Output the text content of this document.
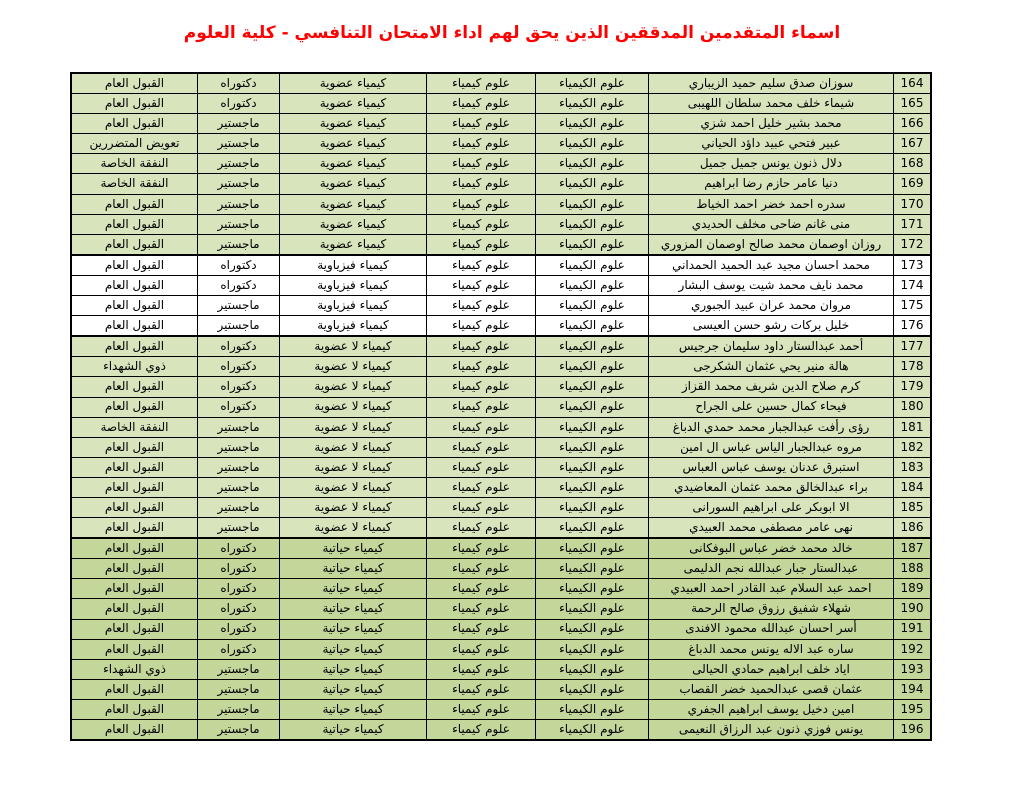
اسماء المتقدمين المدققين الذين يحق لهم اداء الامتحان التنافسي - كلية العلوم
164	سوزان صدق سليم حميد الزيباري	علوم الكيمياء	علوم كيمياء	كيمياء عضوية	دكتوراه	القبول العام
165	شيماء خلف محمد سلطان اللهيبى	علوم الكيمياء	علوم كيمياء	كيمياء عضوية	دكتوراه	القبول العام
166	محمد بشير خليل احمد شزي	علوم الكيمياء	علوم كيمياء	كيمياء عضوية	ماجستير	القبول العام
167	عبير فتحي عبيد داؤد الحياني	علوم الكيمياء	علوم كيمياء	كيمياء عضوية	ماجستير	تعويض المتضررين
168	دلال ذنون يونس جميل جميل	علوم الكيمياء	علوم كيمياء	كيمياء عضوية	ماجستير	النفقة الخاصة
169	دنيا عامر حازم رضا ابراهيم	علوم الكيمياء	علوم كيمياء	كيمياء عضوية	ماجستير	النفقة الخاصة
170	سدره احمد خضر احمد الخياط	علوم الكيمياء	علوم كيمياء	كيمياء عضوية	ماجستير	القبول العام
171	منى غانم ضاحى مخلف الحديدي	علوم الكيمياء	علوم كيمياء	كيمياء عضوية	ماجستير	القبول العام
172	روزان اوصمان محمد صالح اوصمان المزوري	علوم الكيمياء	علوم كيمياء	كيمياء عضوية	ماجستير	القبول العام
173	محمد احسان مجيد عبد الحميد الحمداني	علوم الكيمياء	علوم كيمياء	كيمياء فيزياوية	دكتوراه	القبول العام
174	محمد نايف محمد شيت يوسف البشار	علوم الكيمياء	علوم كيمياء	كيمياء فيزياوية	دكتوراه	القبول العام
175	مروان محمد عران عبيد الجبوري	علوم الكيمياء	علوم كيمياء	كيمياء فيزياوية	ماجستير	القبول العام
176	خليل بركات رشو حسن العيسى	علوم الكيمياء	علوم كيمياء	كيمياء فيزياوية	ماجستير	القبول العام
177	أحمد عبدالستار داود سليمان جرجيس	علوم الكيمياء	علوم كيمياء	كيمياء لا عضوية	دكتوراه	القبول العام
178	هالة منير يحي عثمان الشكرجى	علوم الكيمياء	علوم كيمياء	كيمياء لا عضوية	دكتوراه	ذوي الشهداء
179	كرم صلاح الدين شريف محمد القزاز	علوم الكيمياء	علوم كيمياء	كيمياء لا عضوية	دكتوراه	القبول العام
180	فيحاء كمال حسين على الجراح	علوم الكيمياء	علوم كيمياء	كيمياء لا عضوية	دكتوراه	القبول العام
181	رؤى رأفت عبدالجبار محمد حمدي الدباغ	علوم الكيمياء	علوم كيمياء	كيمياء لا عضوية	ماجستير	النفقة الخاصة
182	مروه عبدالجبار الياس عباس ال امين	علوم الكيمياء	علوم كيمياء	كيمياء لا عضوية	ماجستير	القبول العام
183	استبرق عدنان يوسف عباس العباس	علوم الكيمياء	علوم كيمياء	كيمياء لا عضوية	ماجستير	القبول العام
184	براء عبدالخالق محمد عثمان المعاضيدي	علوم الكيمياء	علوم كيمياء	كيمياء لا عضوية	ماجستير	القبول العام
185	الا ابوبكر على ابراهيم السورانى	علوم الكيمياء	علوم كيمياء	كيمياء لا عضوية	ماجستير	القبول العام
186	نهى عامر مصطفى محمد العبيدي	علوم الكيمياء	علوم كيمياء	كيمياء لا عضوية	ماجستير	القبول العام
187	خالد محمد خضر عباس البوفكانى	علوم الكيمياء	علوم كيمياء	كيمياء حياتية	دكتوراه	القبول العام
188	عبدالستار جبار عبدالله نجم الدليمى	علوم الكيمياء	علوم كيمياء	كيمياء حياتية	دكتوراه	القبول العام
189	احمد عبد السلام عبد القادر احمد العبيدي	علوم الكيمياء	علوم كيمياء	كيمياء حياتية	دكتوراه	القبول العام
190	شهلاء شفيق رزوق صالح الرحمة	علوم الكيمياء	علوم كيمياء	كيمياء حياتية	دكتوراه	القبول العام
191	أسر احسان عبدالله محمود الافندى	علوم الكيمياء	علوم كيمياء	كيمياء حياتية	دكتوراه	القبول العام
192	ساره عبد الاله يونس محمد الدباغ	علوم الكيمياء	علوم كيمياء	كيمياء حياتية	دكتوراه	القبول العام
193	اياد خلف ابراهيم حمادي الحيالى	علوم الكيمياء	علوم كيمياء	كيمياء حياتية	ماجستير	ذوي الشهداء
194	عثمان قصى عبدالحميد خضر القصاب	علوم الكيمياء	علوم كيمياء	كيمياء حياتية	ماجستير	القبول العام
195	امين دخيل يوسف ابراهيم الجفري	علوم الكيمياء	علوم كيمياء	كيمياء حياتية	ماجستير	القبول العام
196	يونس فوزي ذنون عبد الرزاق النعيمى	علوم الكيمياء	علوم كيمياء	كيمياء حياتية	ماجستير	القبول العام
